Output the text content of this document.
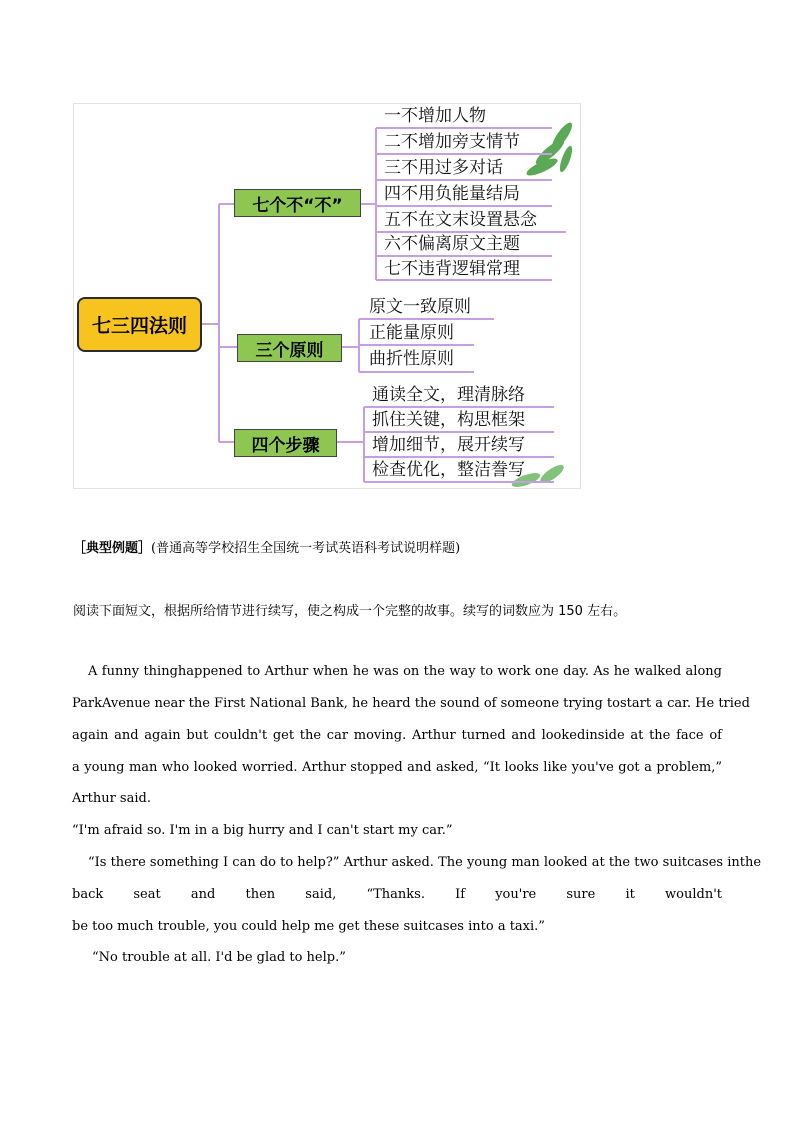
七三四法则
七个不“不”
三个原则
四个步骤
一不增加人物
二不增加旁支情节
三不用过多对话
四不用负能量结局
五不在文末设置悬念
六不偏离原文主题
七不违背逻辑常理
原文一致原则
正能量原则
曲折性原则
通读全文，理清脉络
抓住关键，构思框架
增加细节，展开续写
检查优化，整洁誊写
［典型例题］(普通高等学校招生全国统一考试英语科考试说明样题)
阅读下面短文，根据所给情节进行续写，使之构成一个完整的故事。续写的词数应为 150 左右。
A funny thinghappened to Arthur when he was on the way to work one day. As he walked along
ParkAvenue near the First National Bank, he heard the sound of someone trying tostart a car. He tried
again and again but couldn't get the car moving. Arthur turned and lookedinside at the face of
a young man who looked worried. Arthur stopped and asked, “It looks like you've got a problem,”
Arthur said.
“I'm afraid so. I'm in a big hurry and I can't start my car.”
“Is there something I can do to help?” Arthur asked. The young man looked at the two suitcases inthe
back seat and then said, “Thanks. If you're sure it wouldn't
be too much trouble, you could help me get these suitcases into a taxi.”
“No trouble at all. I'd be glad to help.”
